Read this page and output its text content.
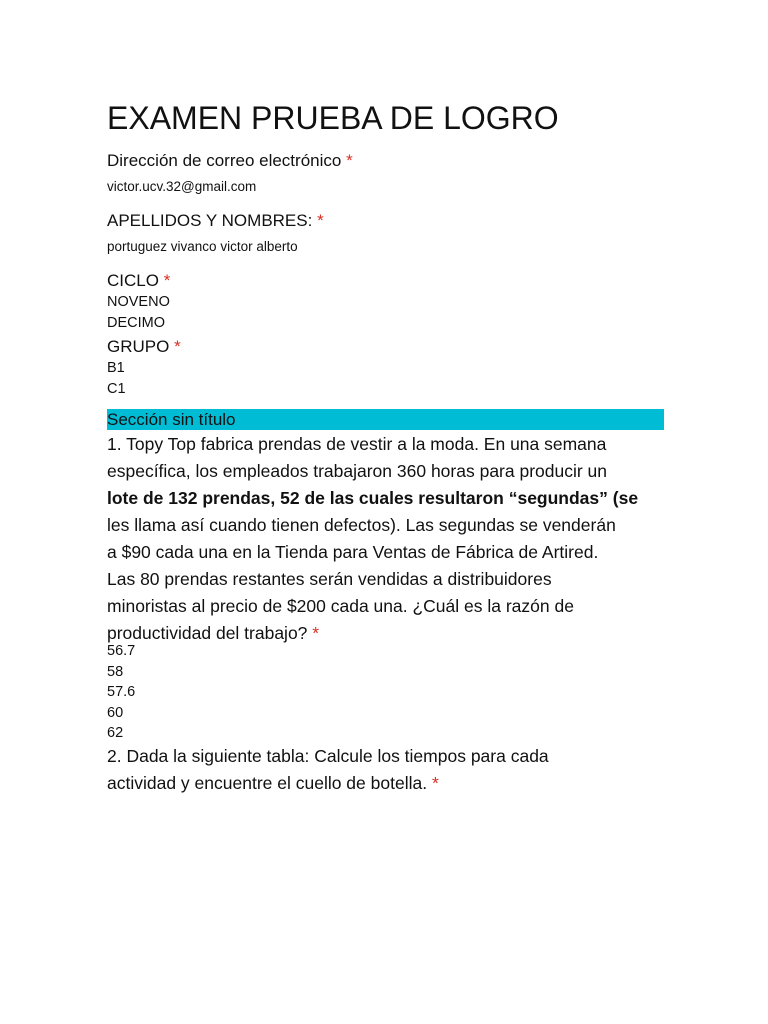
EXAMEN PRUEBA DE LOGRO
Dirección de correo electrónico *
victor.ucv.32@gmail.com
APELLIDOS Y NOMBRES: *
portuguez vivanco victor alberto
CICLO *
NOVENO
DECIMO
GRUPO *
B1
C1
Sección sin título
1. Topy Top fabrica prendas de vestir a la moda. En una semana
específica, los empleados trabajaron 360 horas para producir un
lote de 132 prendas, 52 de las cuales resultaron “segundas” (se
les llama así cuando tienen defectos). Las segundas se venderán
a $90 cada una en la Tienda para Ventas de Fábrica de Artired.
Las 80 prendas restantes serán vendidas a distribuidores
minoristas al precio de $200 cada una. ¿Cuál es la razón de
productividad del trabajo? *
56.7
58
57.6
60
62
2. Dada la siguiente tabla: Calcule los tiempos para cada
actividad y encuentre el cuello de botella. *
